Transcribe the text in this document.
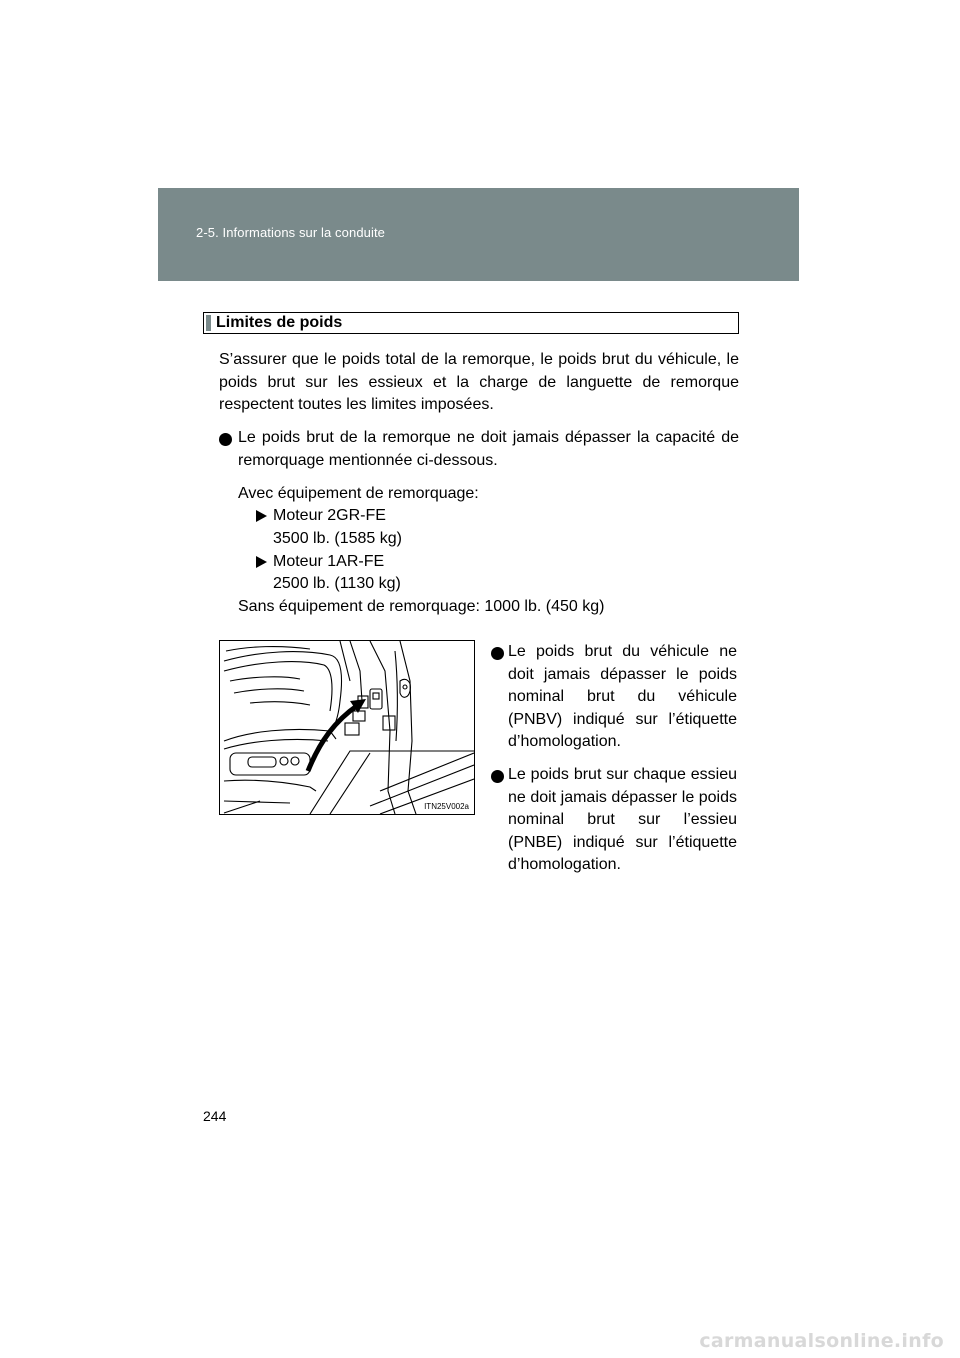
2-5. Informations sur la conduite
Limites de poids
S’assurer que le poids total de la remorque, le poids brut du véhicule, le poids brut sur les essieux et la charge de languette de remorque respectent toutes les limites imposées.
Le poids brut de la remorque ne doit jamais dépasser la capacité de remorquage mentionnée ci-dessous.
Avec équipement de remorquage:
Moteur 2GR-FE
3500 lb. (1585 kg)
Moteur 1AR-FE
2500 lb. (1130 kg)
Sans équipement de remorquage: 1000 lb. (450 kg)
ITN25V002a
Le poids brut du véhicule ne doit jamais dépasser le poids nominal brut du véhicule (PNBV) indiqué sur l’étiquette d’homologation.
Le poids brut sur chaque essieu ne doit jamais dépasser le poids nominal brut sur l’essieu (PNBE) indiqué sur l’étiquette d’homologation.
244
carmanualsonline.info
